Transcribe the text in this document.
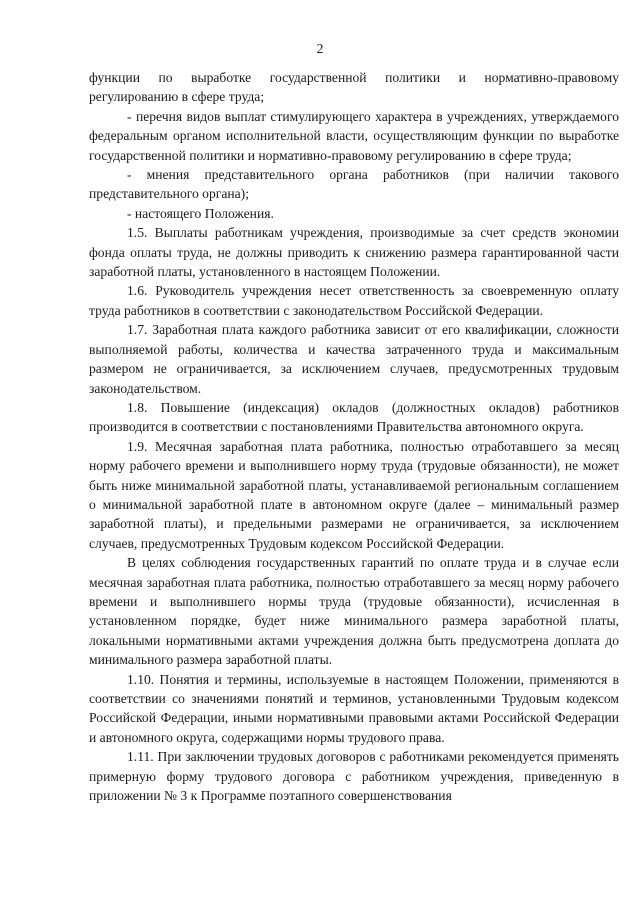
2

функции по выработке государственной политики и нормативно-правовому регулированию в сфере труда;

- перечня видов выплат стимулирующего характера в учреждениях, утверждаемого федеральным органом исполнительной власти, осуществляющим функции по выработке государственной политики и нормативно-правовому регулированию в сфере труда;

- мнения представительного органа работников (при наличии такового представительного органа);

- настоящего Положения.

1.5. Выплаты работникам учреждения, производимые за счет средств экономии фонда оплаты труда, не должны приводить к снижению размера гарантированной части заработной платы, установленного в настоящем Положении.

1.6. Руководитель учреждения несет ответственность за своевременную оплату труда работников в соответствии с законодательством Российской Федерации.

1.7. Заработная плата каждого работника зависит от его квалификации, сложности выполняемой работы, количества и качества затраченного труда и максимальным размером не ограничивается, за исключением случаев, предусмотренных трудовым законодательством.

1.8. Повышение (индексация) окладов (должностных окладов) работников производится в соответствии с постановлениями Правительства автономного округа.

1.9. Месячная заработная плата работника, полностью отработавшего за месяц норму рабочего времени и выполнившего норму труда (трудовые обязанности), не может быть ниже минимальной заработной платы, устанавливаемой региональным соглашением о минимальной заработной плате в автономном округе (далее – минимальный размер заработной платы), и предельными размерами не ограничивается, за исключением случаев, предусмотренных Трудовым кодексом Российской Федерации.

В целях соблюдения государственных гарантий по оплате труда и в случае если месячная заработная плата работника, полностью отработавшего за месяц норму рабочего времени и выполнившего нормы труда (трудовые обязанности), исчисленная в установленном порядке, будет ниже минимального размера заработной платы, локальными нормативными актами учреждения должна быть предусмотрена доплата до минимального размера заработной платы.

1.10. Понятия и термины, используемые в настоящем Положении, применяются в соответствии со значениями понятий и терминов, установленными Трудовым кодексом Российской Федерации, иными нормативными правовыми актами Российской Федерации и автономного округа, содержащими нормы трудового права.

1.11. При заключении трудовых договоров с работниками рекомендуется применять примерную форму трудового договора с работником учреждения, приведенную в приложении № 3 к Программе поэтапного совершенствования
